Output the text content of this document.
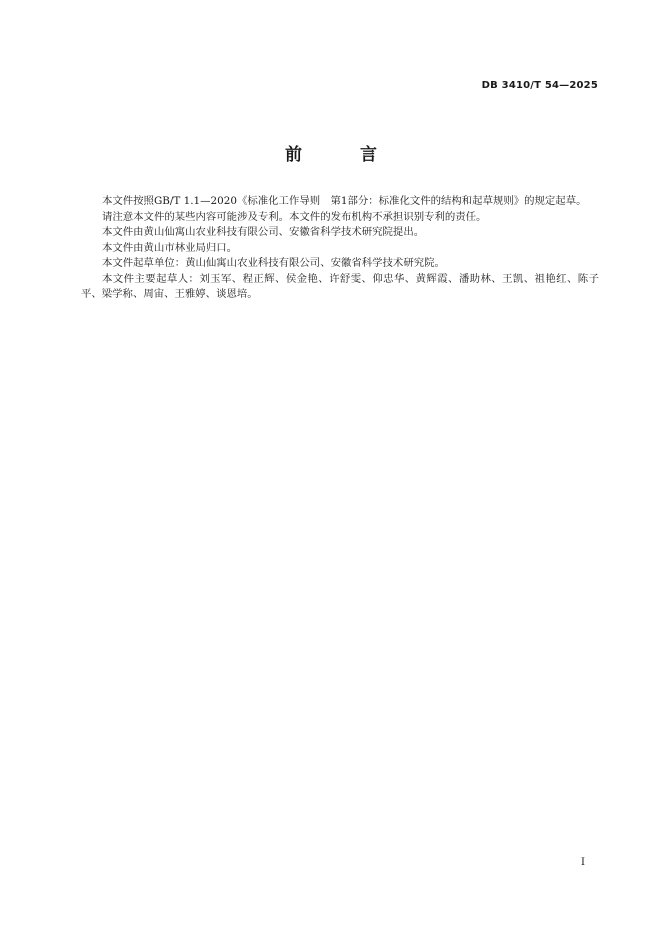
DB 3410/T 54—2025
前 言

本文件按照GB/T 1.1—2020《标准化工作导则　第1部分：标准化文件的结构和起草规则》的规定起草。

请注意本文件的某些内容可能涉及专利。本文件的发布机构不承担识别专利的责任。

本文件由黄山仙寓山农业科技有限公司、安徽省科学技术研究院提出。

本文件由黄山市林业局归口。

本文件起草单位：黄山仙寓山农业科技有限公司、安徽省科学技术研究院。

本文件主要起草人：刘玉军、程正辉、侯金艳、许舒雯、仰忠华、黄辉霞、潘助林、王凯、祖艳红、陈子平、梁学称、周宙、王雅婷、谈恩培。

I
